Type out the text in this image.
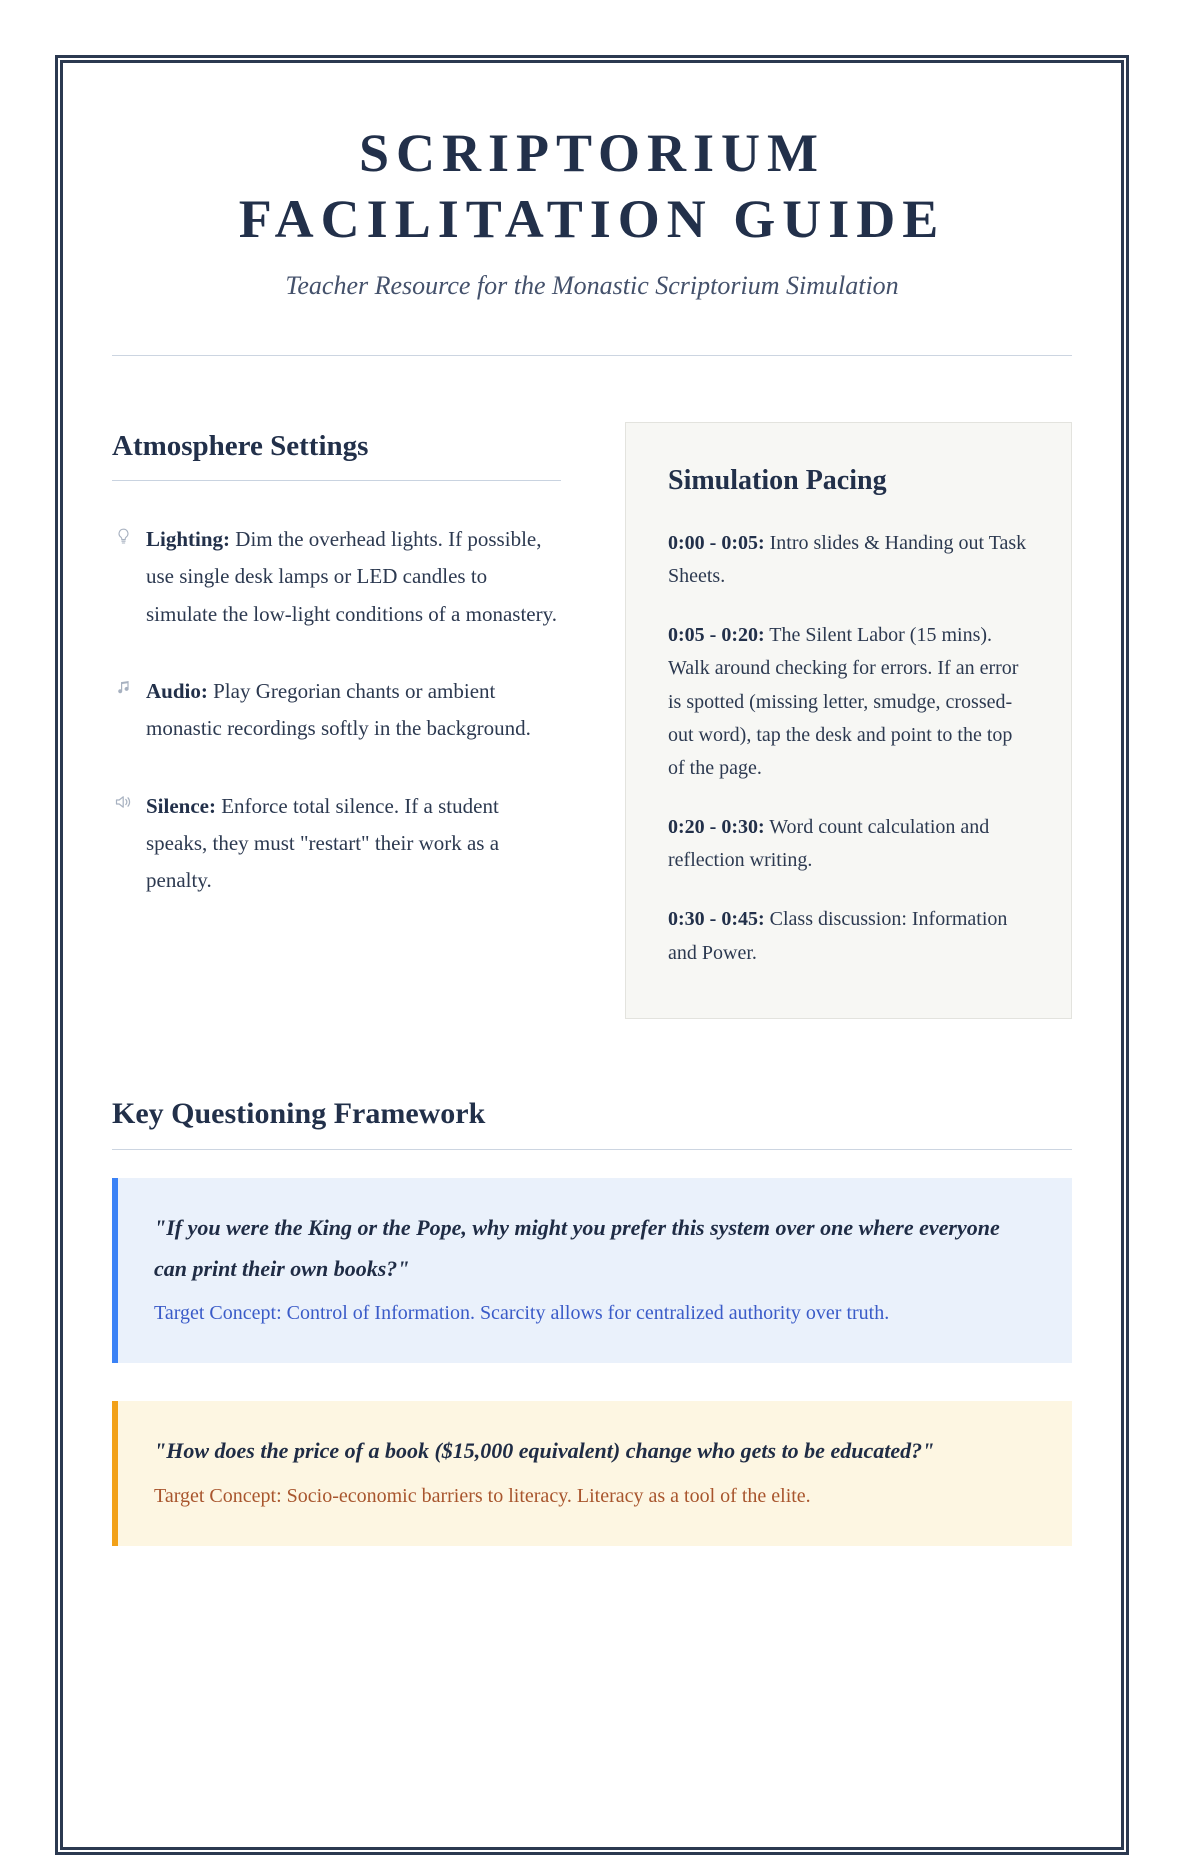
SCRIPTORIUM FACILITATION GUIDE
Teacher Resource for the Monastic Scriptorium Simulation
Atmosphere Settings
Lighting: Dim the overhead lights. If possible, use single desk lamps or LED candles to simulate the low-light conditions of a monastery.
Audio: Play Gregorian chants or ambient monastic recordings softly in the background.
Silence: Enforce total silence. If a student speaks, they must "restart" their work as a penalty.
Simulation Pacing

0:00 - 0:05: Intro slides & Handing out Task Sheets.

0:05 - 0:20: The Silent Labor (15 mins). Walk around checking for errors. If an error is spotted (missing letter, smudge, crossed-out word), tap the desk and point to the top of the page.

0:20 - 0:30: Word count calculation and reflection writing.

0:30 - 0:45: Class discussion: Information and Power.

Key Questioning Framework
"If you were the King or the Pope, why might you prefer this system over one where everyone can print their own books?"
Target Concept: Control of Information. Scarcity allows for centralized authority over truth.
"How does the price of a book ($15,000 equivalent) change who gets to be educated?"
Target Concept: Socio-economic barriers to literacy. Literacy as a tool of the elite.
